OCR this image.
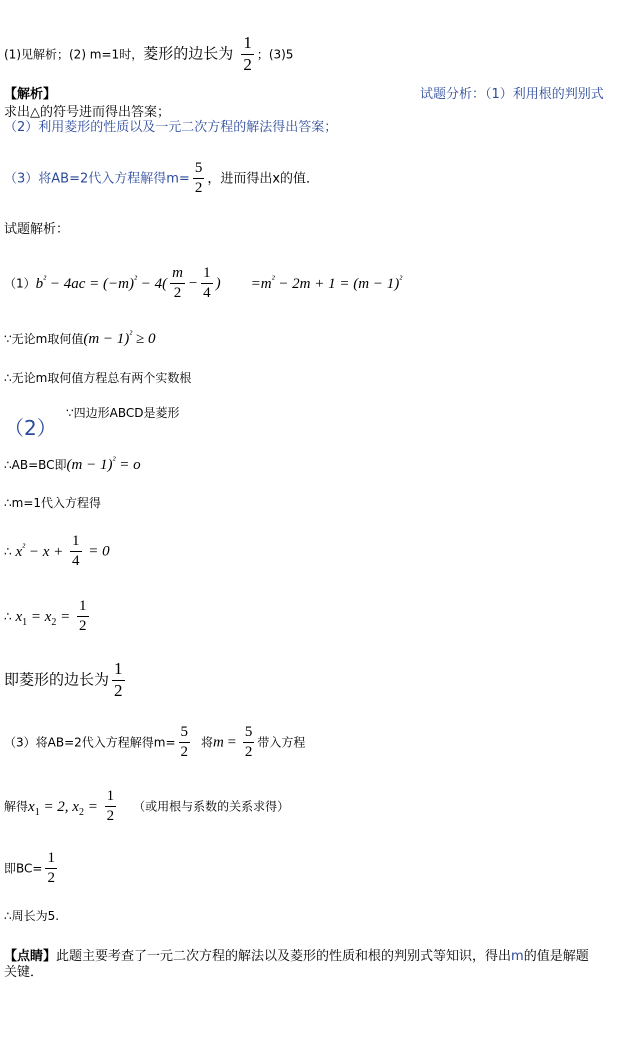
(1)见解析；(2) m=1时，菱形的边长为 $\frac{1}{2}$ ；(3)5
【解析】	试题分析：（1）利用根的判别式
求出△的符号进而得出答案；
（2）利用菱形的性质以及一元二次方程的解法得出答案；
（3）将AB=2代入方程解得$m= \frac{5}{2}$ ，进而得出x的值．
试题解析：
$(1)b^{^2} - 4ac = (-m)^{^2} - 4( \frac{m}{2} - \frac{1}{4}$ ) $=m^{^2} - 2m + 1 = (m - 1)^{^2}$
∵无论m取何值$(m - 1)^{^2} \ge 0$
∴无论m取何值方程总有两个实数根
（2）
∵四边形ABCD是菱形
∴AB=BC即$(m - 1)^{^2} = o$
∴m=1代入方程得
∴ $x^{^2} - x + \frac{1}{4} = 0$
∴ $x_1 = x_2 = \frac{1}{2}$
即菱形的边长为 $\frac{1}{2}$
（3）将AB=2代入方程解得$m= \frac{5}{2}$ 将$m = \frac{5}{2}$ 带入方程
解得$x_1 = 2$, $x_2 = \frac{1}{2}$ （或用根与系数的关系求得）
即$BC= \frac{1}{2}$
∴周长为5.
【点睛】此题主要考查了一元二次方程的解法以及菱形的性质和根的判别式等知识，得出m的值是解题
关键．
